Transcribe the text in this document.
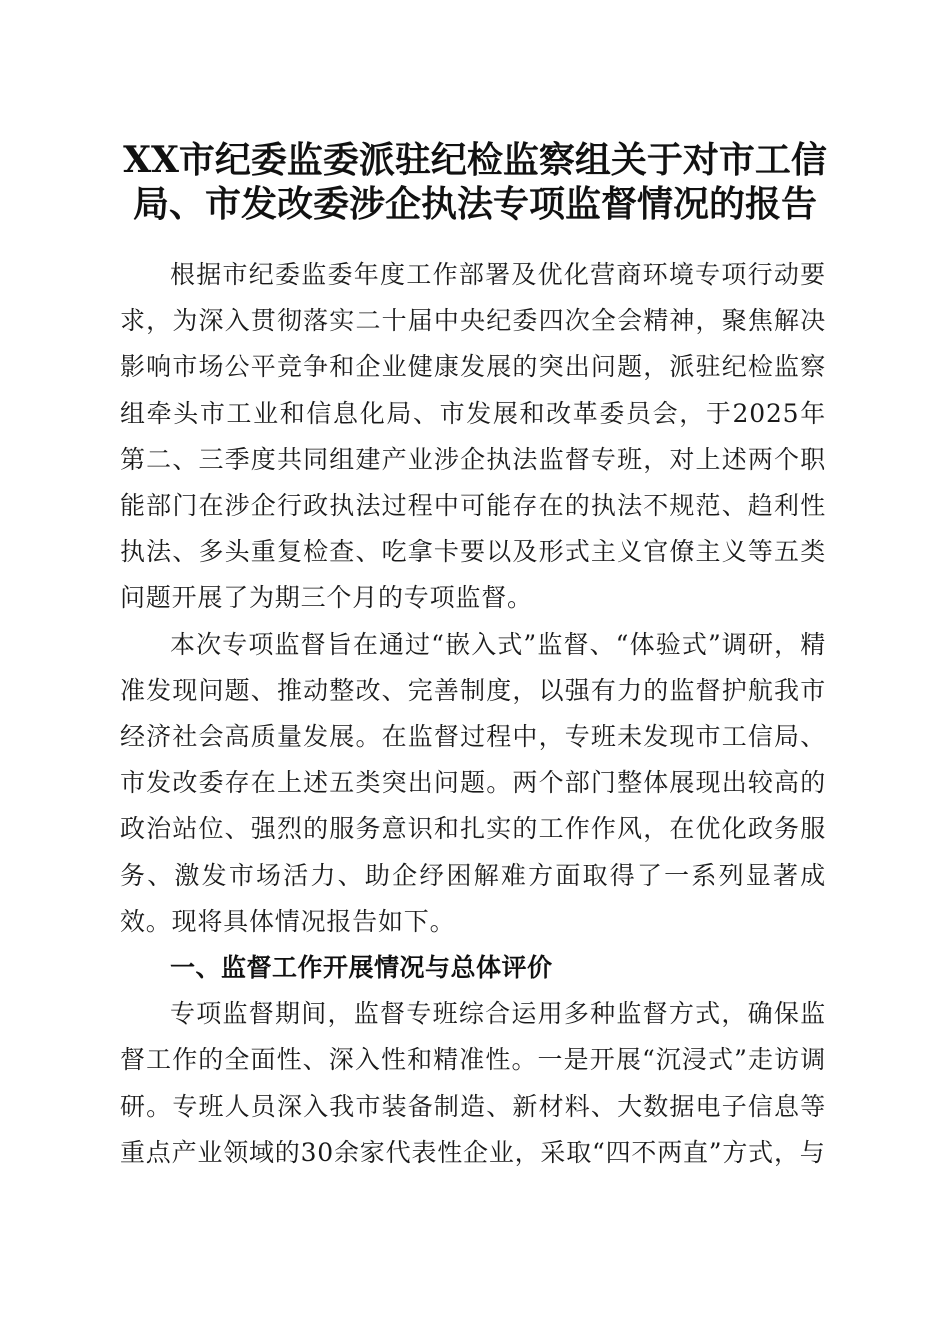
XX市纪委监委派驻纪检监察组关于对市工信局、市发改委涉企执法专项监督情况的报告

根据市纪委监委年度工作部署及优化营商环境专项行动要求，为深入贯彻落实二十届中央纪委四次全会精神，聚焦解决影响市场公平竞争和企业健康发展的突出问题，派驻纪检监察组牵头市工业和信息化局、市发展和改革委员会，于2025年第二、三季度共同组建产业涉企执法监督专班，对上述两个职能部门在涉企行政执法过程中可能存在的执法不规范、趋利性执法、多头重复检查、吃拿卡要以及形式主义官僚主义等五类问题开展了为期三个月的专项监督。

本次专项监督旨在通过“嵌入式”监督、“体验式”调研，精准发现问题、推动整改、完善制度，以强有力的监督护航我市经济社会高质量发展。在监督过程中，专班未发现市工信局、市发改委存在上述五类突出问题。两个部门整体展现出较高的政治站位、强烈的服务意识和扎实的工作作风，在优化政务服务、激发市场活力、助企纾困解难方面取得了一系列显著成效。现将具体情况报告如下。

一、监督工作开展情况与总体评价

专项监督期间，监督专班综合运用多种监督方式，确保监督工作的全面性、深入性和精准性。一是开展“沉浸式”走访调研。专班人员深入我市装备制造、新材料、大数据电子信息等重点产业领域的30余家代表性企业，采取“四不两直”方式，与
